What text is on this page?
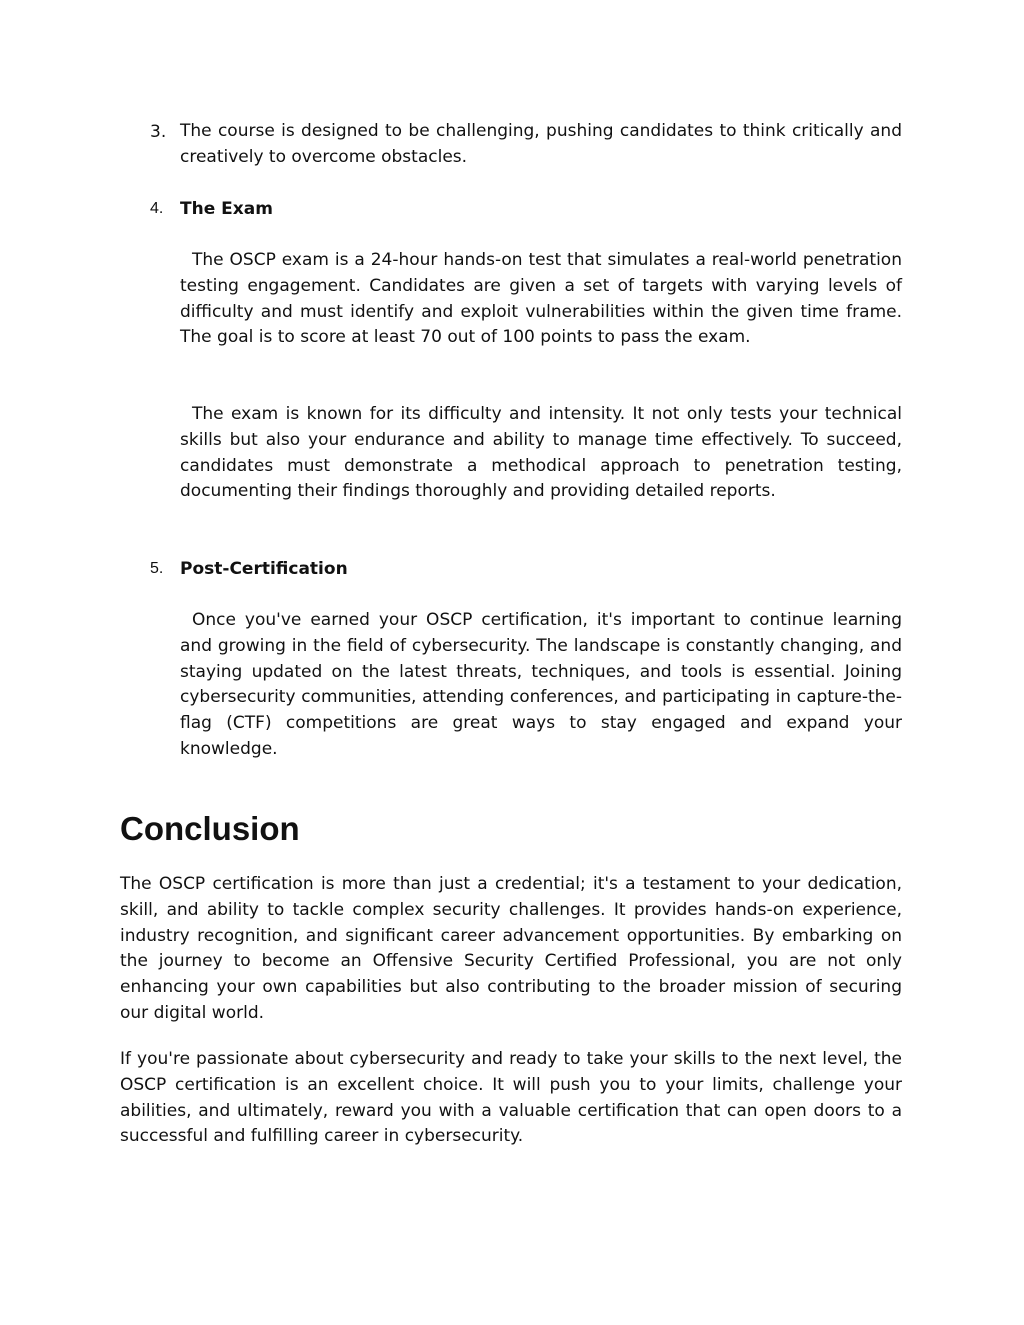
3. The course is designed to be challenging, pushing candidates to think critically and creatively to overcome obstacles.
4. The Exam

The OSCP exam is a 24-hour hands-on test that simulates a real-world penetration testing engagement. Candidates are given a set of targets with varying levels of difficulty and must identify and exploit vulnerabilities within the given time frame. The goal is to score at least 70 out of 100 points to pass the exam.

The exam is known for its difficulty and intensity. It not only tests your technical skills but also your endurance and ability to manage time effectively. To succeed, candidates must demonstrate a methodical approach to penetration testing, documenting their findings thoroughly and providing detailed reports.

5. Post-Certification

Once you've earned your OSCP certification, it's important to continue learning and growing in the field of cybersecurity. The landscape is constantly changing, and staying updated on the latest threats, techniques, and tools is essential. Joining cybersecurity communities, attending conferences, and participating in capture-the-flag (CTF) competitions are great ways to stay engaged and expand your knowledge.

Conclusion

The OSCP certification is more than just a credential; it's a testament to your dedication, skill, and ability to tackle complex security challenges. It provides hands-on experience, industry recognition, and significant career advancement opportunities. By embarking on the journey to become an Offensive Security Certified Professional, you are not only enhancing your own capabilities but also contributing to the broader mission of securing our digital world.

If you're passionate about cybersecurity and ready to take your skills to the next level, the OSCP certification is an excellent choice. It will push you to your limits, challenge your abilities, and ultimately, reward you with a valuable certification that can open doors to a successful and fulfilling career in cybersecurity.
